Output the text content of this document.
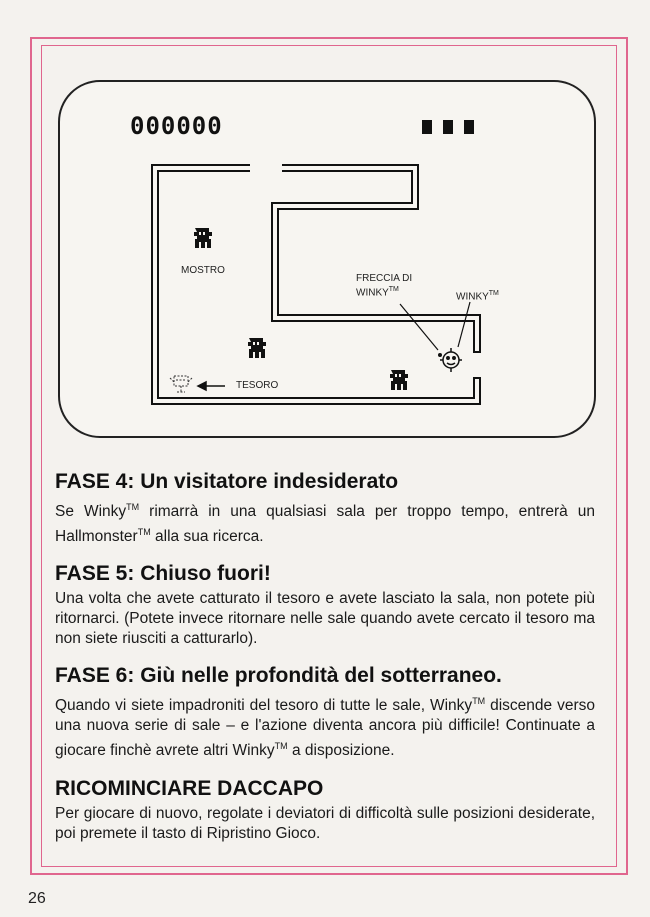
000000
MOSTRO
FRECCIA DI
WINKY™
WINKY™
TESORO
FASE 4: Un visitatore indesiderato

Se Winky™ rimarrà in una qualsiasi sala per troppo tempo, entrerà un Hallmonster™ alla sua ricerca.

FASE 5: Chiuso fuori!

Una volta che avete catturato il tesoro e avete lasciato la sala, non potete più ritornarci. (Potete invece ritornare nelle sale quando avete cercato il tesoro ma non siete riusciti a catturarlo).

FASE 6: Giù nelle profondità del sotterraneo.

Quando vi siete impadroniti del tesoro di tutte le sale, Winky™ discende verso una nuova serie di sale – e l'azione diventa ancora più difficile! Continuate a giocare finchè avrete altri Winky™ a disposizione.

RICOMINCIARE DACCAPO

Per giocare di nuovo, regolate i deviatori di difficoltà sulle posizioni desiderate, poi premete il tasto di Ripristino Gioco.

26
